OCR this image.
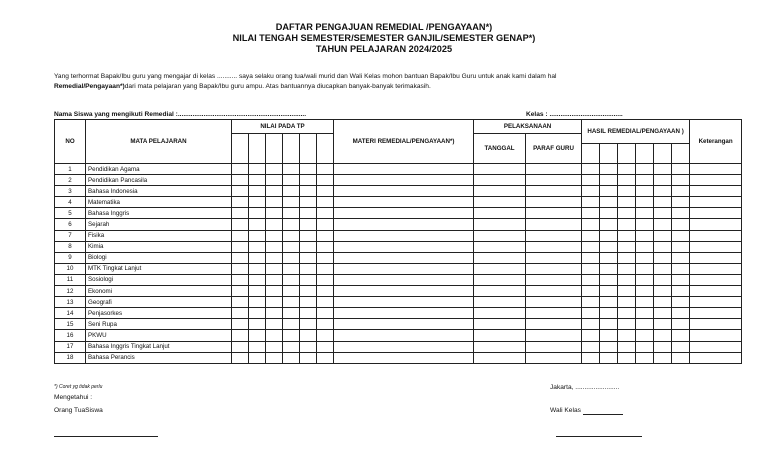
DAFTAR PENGAJUAN REMEDIAL /PENGAYAAN*)
NILAI TENGAH SEMESTER/SEMESTER GANJIL/SEMESTER GENAP*)
TAHUN PELAJARAN 2024/2025
Yang terhormat Bapak/Ibu guru yang mengajar di kelas ........... saya selaku orang tua/wali murid dan Wali Kelas mohon bantuan Bapak/Ibu Guru untuk anak kami dalam hal
Remedial/Pengayaan*)dari mata pelajaran yang Bapak/Ibu guru ampu. Atas bantuannya diucapkan banyak-banyak terimakasih.
Nama Siswa yang mengikuti Remedial :......................................................................	Kelas : ........................................
NO	MATA PELAJARAN	NILAI PADA TP						MATERI REMEDIAL/PENGAYAAN*)	PELAKSANAAN		HASIL REMEDIAL/PENGAYAAN )						Keterangan
									TANGGAL	PARAF GURU							

1	Pendidikan Agama																
2	Pendidikan Pancasila																
3	Bahasa Indonesia																
4	Matematika																
5	Bahasa Inggris																
6	Sejarah																
7	Fisika																
8	Kimia																
9	Biologi																
10	MTK Tingkat Lanjut																
11	Sosiologi																
12	Ekonomi																
13	Geografi																
14	Penjasorkes																
15	Seni Rupa																
16	PKWU																
17	Bahasa Inggris Tingkat Lanjut																
18	Bahasa Perancis																
*) Coret yg tidak perlu
Mengetahui :
Orang TuaSiswa
Jakarta, ........................
Wali Kelas
